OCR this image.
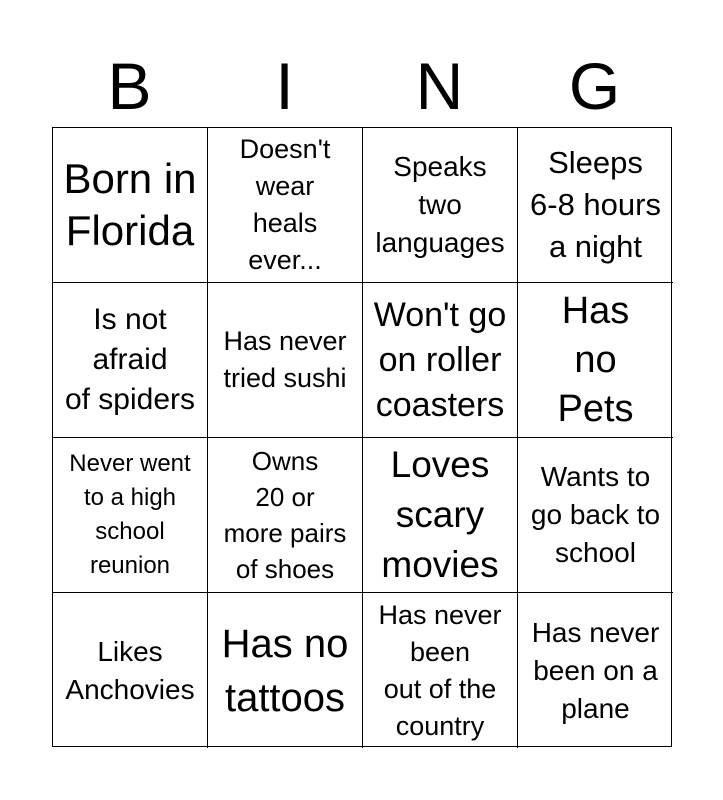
B	I	N	G
Born in
Florida
Doesn't
wear
heals
ever...
Speaks
two
languages
Sleeps
6-8 hours
a night
Is not
afraid
of spiders
Has never
tried sushi
Won't go
on roller
coasters
Has
no
Pets
Never went
to a high
school
reunion
Owns
20 or
more pairs
of shoes
Loves
scary
movies
Wants to
go back to
school
Likes
Anchovies
Has no
tattoos
Has never
been
out of the
country
Has never
been on a
plane
